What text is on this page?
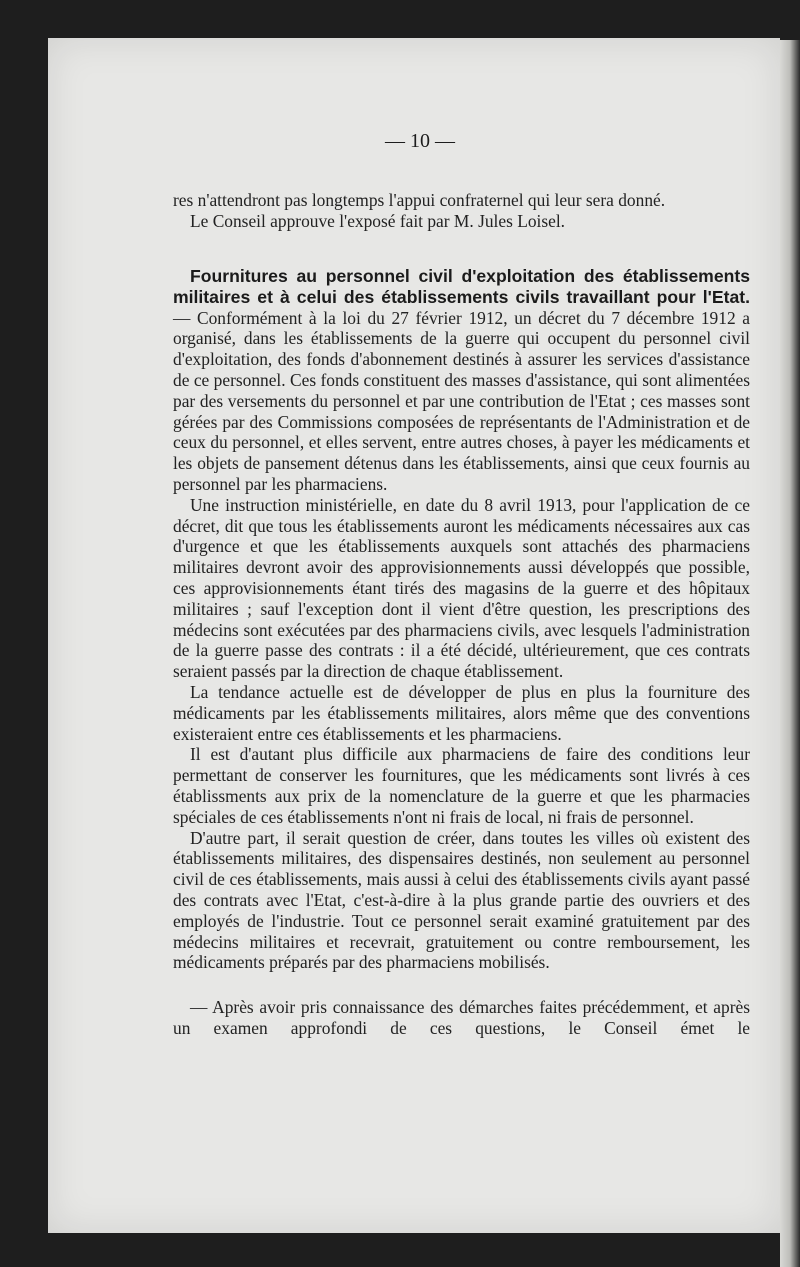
— 10 —

res n'attendront pas longtemps l'appui confraternel qui leur sera donné.

Le Conseil approuve l'exposé fait par M. Jules Loisel.

Fournitures au personnel civil d'exploitation des établissements militaires et à celui des établissements civils travaillant pour l'Etat.

— Conformément à la loi du 27 février 1912, un décret du 7 décembre 1912 a organisé, dans les établissements de la guerre qui occupent du personnel civil d'exploitation, des fonds d'abonnement destinés à assurer les services d'assistance de ce personnel. Ces fonds constituent des masses d'assistance, qui sont alimentées par des versements du personnel et par une contribution de l'Etat ; ces masses sont gérées par des Commissions composées de représentants de l'Administration et de ceux du personnel, et elles servent, entre autres choses, à payer les médicaments et les objets de pansement détenus dans les établissements, ainsi que ceux fournis au personnel par les pharmaciens.

Une instruction ministérielle, en date du 8 avril 1913, pour l'application de ce décret, dit que tous les établissements auront les médicaments nécessaires aux cas d'urgence et que les établissements auxquels sont attachés des pharmaciens militaires devront avoir des approvisionnements aussi développés que possible, ces approvisionnements étant tirés des magasins de la guerre et des hôpitaux militaires ; sauf l'exception dont il vient d'être question, les prescriptions des médecins sont exécutées par des pharmaciens civils, avec lesquels l'administration de la guerre passe des contrats : il a été décidé, ultérieurement, que ces contrats seraient passés par la direction de chaque établissement.

La tendance actuelle est de développer de plus en plus la fourniture des médicaments par les établissements militaires, alors même que des conventions existeraient entre ces établissements et les pharmaciens.

Il est d'autant plus difficile aux pharmaciens de faire des conditions leur permettant de conserver les fournitures, que les médicaments sont livrés à ces établissments aux prix de la nomenclature de la guerre et que les pharmacies spéciales de ces établissements n'ont ni frais de local, ni frais de personnel.

D'autre part, il serait question de créer, dans toutes les villes où existent des établissements militaires, des dispensaires destinés, non seulement au personnel civil de ces établissements, mais aussi à celui des établissements civils ayant passé des contrats avec l'Etat, c'est-à-dire à la plus grande partie des ouvriers et des employés de l'industrie. Tout ce personnel serait examiné gratuitement par des médecins militaires et recevrait, gratuitement ou contre remboursement, les médicaments préparés par des pharmaciens mobilisés.

— Après avoir pris connaissance des démarches faites précédemment, et après un examen approfondi de ces questions, le Conseil émet le
